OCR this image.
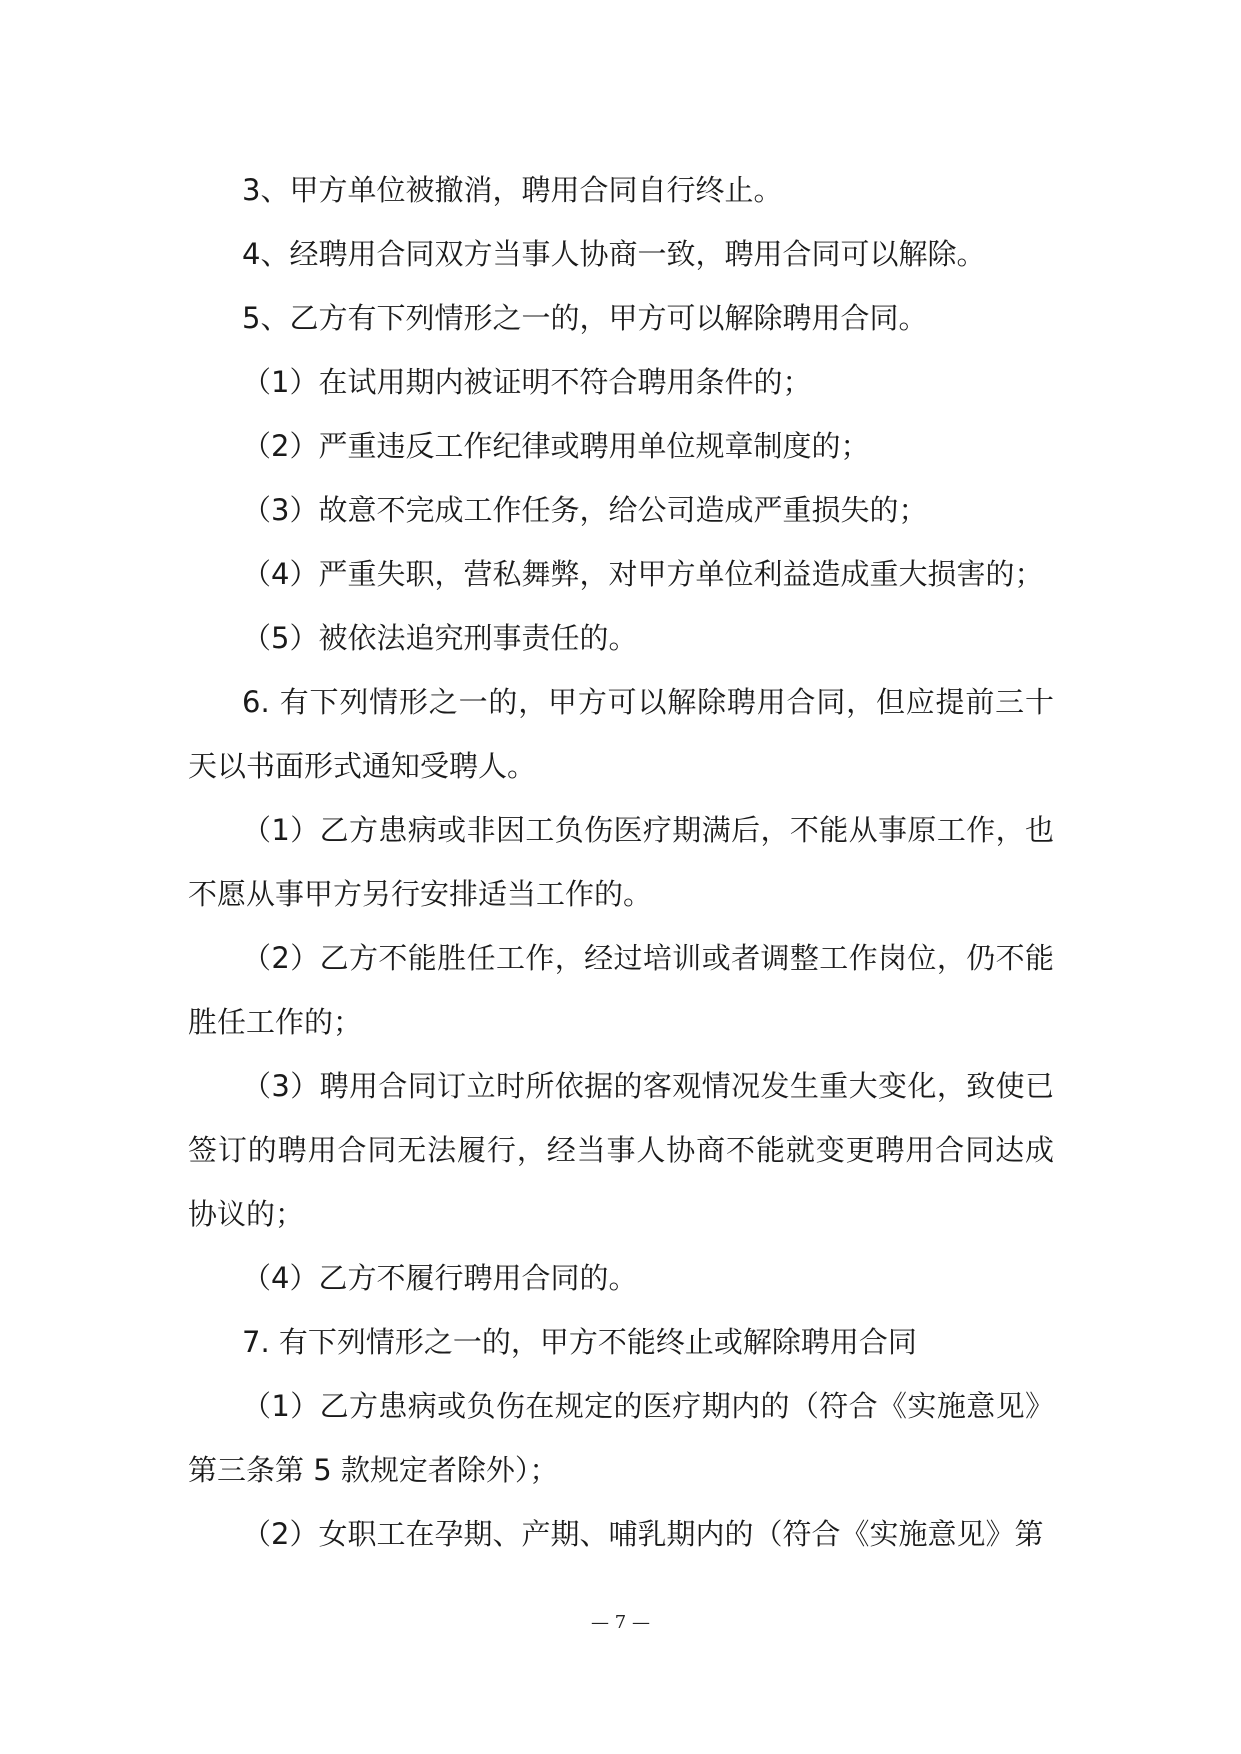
3、甲方单位被撤消，聘用合同自行终止。

4、经聘用合同双方当事人协商一致，聘用合同可以解除。

5、乙方有下列情形之一的，甲方可以解除聘用合同。

（1）在试用期内被证明不符合聘用条件的；

（2）严重违反工作纪律或聘用单位规章制度的；

（3）故意不完成工作任务，给公司造成严重损失的；

（4）严重失职，营私舞弊，对甲方单位利益造成重大损害的；

（5）被依法追究刑事责任的。

6. 有下列情形之一的，甲方可以解除聘用合同，但应提前三十天以书面形式通知受聘人。

（1）乙方患病或非因工负伤医疗期满后，不能从事原工作，也不愿从事甲方另行安排适当工作的。

（2）乙方不能胜任工作，经过培训或者调整工作岗位，仍不能胜任工作的；

（3）聘用合同订立时所依据的客观情况发生重大变化，致使已签订的聘用合同无法履行，经当事人协商不能就变更聘用合同达成协议的；

（4）乙方不履行聘用合同的。

7. 有下列情形之一的，甲方不能终止或解除聘用合同

（1）乙方患病或负伤在规定的医疗期内的（符合《实施意见》第三条第 5 款规定者除外）；

（2）女职工在孕期、产期、哺乳期内的（符合《实施意见》第

— 7 —
